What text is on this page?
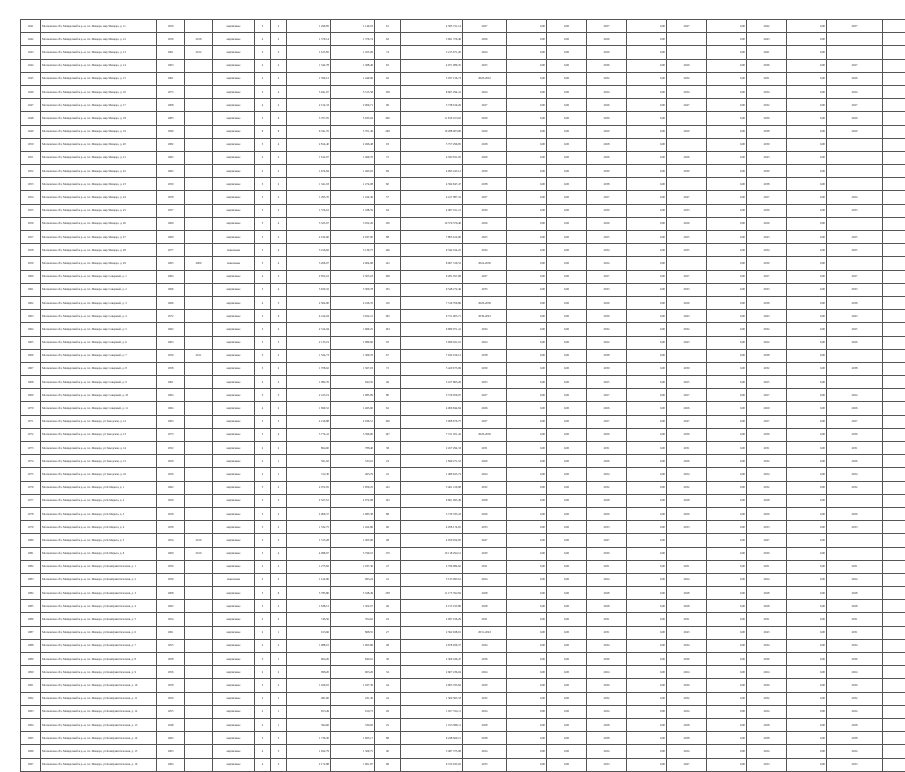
1941	Московская обл, Мещерский м.р.-н, г.п. Мещера, мкр Мещера, д. 11	1959		кирпичные	3	2	1 299,85	1 149,18	61	4 585 721,14	2027	0,00	0,00	2027	0,00	2047	0,00	2042	0,00	2027	
1942	Московская обл, Мещерский м.р.-н, г.п. Мещера, мкр Мещера, д. 12	1959	2018	кирпичные	4	2	1 579,14	1 376,74	62	5 061 379,46	2026	0,00	0,00	2026	0,00		0,00	2043	0,00		
1943	Московская обл, Мещерский м.р.-н, г.п. Мещера, мкр Мещера, д. 13	1961	2012	кирпичные	3	2	1 613,85	1 455,06	74	5 213 671,20	2024	0,00	0,00	2026	0,00		0,00	2041	0,00		
1944	Московская обл, Мещерский м.р.-н, г.п. Мещера, мкр Мещера, д. 14	1963		кирпичные	2	2	1 542,78	1 368,46	65	4 971 086,35	2025	0,00	0,00	2036	0,00	2029	0,00	2036	0,00	2027	
1945	Московская обл, Мещерский м.р.-н, г.п. Мещера, мкр Мещера, д. 15	1961		кирпичные	2	2	1 599,12	1 449,06	62	5 037 216,73	2026-2032	0,00	0,00	2032	0,00	2034	0,00	2031	0,00	2026	
1946	Московская обл, Мещерский м.р.-н, г.п. Мещера, мкр Мещера, д. 16	1975		кирпичные	5	4	3 941,07	3 515,58	138	8 667 294,41	2024	0,00	0,00	2024	0,00	2034	0,00	2034	0,00	2024	
1947	Московская обл, Мещерский м.р.-н, г.п. Мещера, мкр Мещера, д. 17	1968		кирпичные	4	2	2 154,33	2 009,71	90	5 738 019,26	2027	0,00	0,00	2026	0,00	2047	0,00	2032	0,00	2027	
1948	Московская обл, Мещерский м.р.-н, г.п. Мещера, мкр Мещера, д. 18	1983		кирпичные	5	6	5 707,05	5 035,04	206	11 810 103,02	2029	0,00	0,00	2039	0,00		0,00	2039	0,00	2029	
1949	Московская обл, Мещерский м.р.-н, г.п. Мещера, мкр Мещера, д. 19	1990		кирпичные	9	6	6 341,70	5 701,49	248	16 288 903,06	2029	0,00	0,00	2029	0,00	2029	0,00	2038	0,00	2029	
1950	Московская обл, Мещерский м.р.-н, г.п. Мещера, мкр Мещера, д. 20	1982		кирпичные	5	4	2 814,40	2 496,48	93	5 757 296,85	2028	0,00	0,00	2028	0,00		0,00	2039	0,00		
1951	Московская обл, Мещерский м.р.-н, г.п. Мещера, мкр Мещера, д. 21	1962		кирпичные	2	2	1 612,07	1 469,76	72	4 932 811,95	2026	0,00	0,00	2026	0,00	2026	0,00	2043	0,00		
1952	Московская обл, Мещерский м.р.-н, г.п. Мещера, мкр Мещера, д. 22	1962		кирпичные	2	2	1 674,84	1 493,02	69	4 995 245,12	2030	0,00	0,00	2030	0,00	2030	0,00	2030	0,00		
1953	Московская обл, Мещерский м.р.-н, г.п. Мещера, мкр Мещера, д. 23	1959		кирпичные	3	2	1 341,93	1 274,08	60	4 594 847,47	2038	0,00	0,00	2038	0,00		0,00	2038	0,00		
1954	Московская обл, Мещерский м.р.-н, г.п. Мещера, мкр Мещера, д. 24	1958		кирпичные	3	2	1 293,70	1 224,36	57	4 417 087,32	2027	0,00	0,00	2027	0,00	2047	0,00	2027	0,00	2024	
1955	Московская обл, Мещерский м.р.-н, г.п. Мещера, мкр Мещера, д. 25	1957		кирпичные	3	2	1 576,16	1 438,59	64	4 967 011,21	2030	0,00	0,00	2030	0,00	2033	0,00	2036	0,00	2033	
1956	Московская обл, Мещерский м.р.-н, г.п. Мещера, мкр Мещера, д. 26	1969		кирпичные	5	4	3 325,07	3 052,26	136	10 576 376,46	2026	0,00	0,00	2026	0,00	2026	0,00	2026	0,00		
1957	Московская обл, Мещерский м.р.-н, г.п. Мещера, мкр Мещера, д. 27	1960		кирпичные	3	2	2 192,60	2 037,00	88	7 863 612,90	2025	0,00	0,00	2025	0,00	2025	0,00	2043	0,00	2025	
1958	Московская обл, Мещерский м.р.-н, г.п. Мещера, мкр Мещера, д. 28	1977		панельные	5	4	3 416,82	3 139,75	146	9 342 164,25	2034	0,00	0,00	2034	0,00	2035	0,00	2034	0,00	2025	
1959	Московская обл, Мещерский м.р.-н, г.п. Мещера, мкр Мещера, д. 29	1965	2009	панельные	5	4	3 206,07	2 904,68	122	8 967 319,52	2024-2030	0,00	0,00	2024	0,00		0,00	2030	0,00		
1960	Московская обл, Мещерский м.р.-н, г.п. Мещера, мкр Северный, д. 1	1964		кирпичные	4	3	2 852,16	2 503,18	108	9 281 057,08	2027	0,00	0,00	2027	0,00	2027	0,00	2027	0,00	2027	
1961	Московская обл, Мещерский м.р.-н, г.п. Мещера, мкр Северный, д. 2	1966		кирпичные	5	4	3 650,32	3 300,78	135	9 548 272,46	2033	0,00	0,00	2033	0,00	2033	0,00	2033	0,00	2033	
1962	Московская обл, Мещерский м.р.-н, г.п. Мещера, мкр Северный, д. 3	1966		кирпичные	4	3	2 504,00	2 226,76	110	7 519 709,86	2026-2038	0,00	0,00	2026	0,00	2026	0,00	2038	0,00	2038	
1963	Московская обл, Мещерский м.р.-н, г.п. Мещера, мкр Северный, д. 4	1972		кирпичные	5	6	4 414,04	3 922,21	165	9 751 903,71	2039-2043	0,00	0,00	2039	0,00	2043	0,00	2043	0,00	2043	
1964	Московская обл, Мещерский м.р.-н, г.п. Мещера, мкр Северный, д. 5	1962		кирпичные	3	2	2 314,94	1 960,25	103	6 680 971,41	2034	0,00	0,00	2034	0,00	2034	0,00	2034	0,00	2025	
1965	Московская обл, Мещерский м.р.-н, г.п. Мещера, мкр Северный, д. 6	1963		кирпичные	3	3	2 133,19	1 989,60	95	5 990 021,10	2024	0,00	0,00	2024	0,00	2043	0,00	2024	0,00	2026	
1966	Московская обл, Мещерский м.р.-н, г.п. Мещера, мкр Северный, д. 7	1959	2011	кирпичные	3	2	1 524,73	1 369,76	67	7 932 016,12	2038	0,00	0,00	2038	0,00		0,00	2038	0,00		
1967	Московская обл, Мещерский м.р.-н, г.п. Мещера, мкр Северный, д. 8	1958		кирпичные	3	2	1 708,62	1 567,03	72	5 420 673,99	2030	0,00	0,00	2030	0,00	2030	0,00	2032	0,00	2038	
1968	Московская обл, Мещерский м.р.-н, г.п. Мещера, мкр Северный, д. 9	1961		кирпичные	2	2	1 082,70	942,50	46	3 167 863,26	2025	0,00	0,00	2025	0,00	2025	0,00	2025	0,00		
1969	Московская обл, Мещерский м.р.-н, г.п. Мещера, мкр Северный, д. 10	1964		кирпичные	3	3	2 413,19	1 983,99	80	5 726 056,97	2027	0,00	0,00	2027	0,00	2027	0,00	2027	0,00	2024	
1970	Московская обл, Мещерский м.р.-н, г.п. Мещера, мкр Северный, д. 11	1964		кирпичные	4	2	1 699,52	1 463,60	62	4 006 844,84	2026	0,00	0,00	2026	0,00	2026	0,00	2029	0,00	2026	
1971	Московская обл, Мещерский м.р.-н, г.п. Мещера, ул Заводская, д. 12	1963		кирпичные	3	3	2 219,88	2 036,51	100	5 008 676,75	2027	0,00	0,00	2027	0,00	2047	0,00	2027	0,00	2027	
1972	Московская обл, Мещерский м.р.-н, г.п. Мещера, ул Заводская, д. 13	1973		кирпичные	5	4	3 774,41	3 396,00	167	7 721 051,42	2026-2036	0,00	0,00	2026	0,00	2036	0,00	2036	0,00	2036	
1973	Московская обл, Мещерский м.р.-н, г.п. Мещера, ул Заводская, д. 14	1952		кирпичные	2	2	864,60	788,40	38	2 457 294,33	2031	0,00	0,00	2031	0,00	2031	0,00	2031	0,00	2031	
1974	Московская обл, Мещерский м.р.-н, г.п. Мещера, ул Заводская, д. 15	1950		кирпичные	2	1	591,92	533,16	23	1 849 271,52	2026	0,00	0,00	2026	0,00	2026	0,00	2032	0,00	2026	
1975	Московская обл, Мещерский м.р.-н, г.п. Мещера, ул Заводская, д. 16	1956		кирпичные	2	1	512,30	463,79	22	1 489 625,74	2024	0,00	0,00	2024	0,00	2024	0,00	2024	0,00	2024	
1976	Московская обл, Мещерский м.р.-н, г.п. Мещера, ул К.Маркса, д. 1	1962		кирпичные	3	2	2 072,05	1 859,25	122	5 461 210,08	2032	0,00	0,00	2032	0,00	2032	0,00	2032	0,00	2032	
1977	Московская обл, Мещерский м.р.-н, г.п. Мещера, ул К.Маркса, д. 2	1959		кирпичные	3	3	2 327,61	2 072,08	122	6 661 093,49	2028	0,00	0,00	2028	0,00	2028	0,00	2028	0,00		
1978	Московская обл, Мещерский м.р.-н, г.п. Мещера, ул К.Маркса, д. 3	1958		кирпичные	3	2	2 006,57	1 983,38	88	5 730 333,43	2026	0,00	0,00	2026	0,00	2026	0,00	2026	0,00	2026	
1979	Московская обл, Мещерский м.р.-н, г.п. Мещера, ул К.Маркса, д. 4	1958		кирпичные	3	2	1 532,75	1 422,86	66	4 058 174,65	2033	0,00	0,00	2033	0,00	2033	0,00	2033	0,00	2033	
1980	Московская обл, Мещерский м.р.-н, г.п. Мещера, ул К.Маркса, д. 5	1954	2019	кирпичные	3	2	1 513,28	1 405,96	48	4 059 054,85	2047	0,00	0,00	2047	0,00		0,00	2047	0,00		
1981	Московская обл, Мещерский м.р.-н, г.п. Мещера, ул К.Маркса, д. 6	1960	2010	кирпичные	5	4	4 068,97	3 799,10	170	10 118 294,51	2030	0,00	0,00	2030	0,00		0,00	2030	0,00		
1982	Московская обл, Мещерский м.р.-н, г.п. Мещера, ул Коммунистическая, д. 1	1956		кирпичные	2	2	1 275,82	1 037,36	47	2 796 084,62	2031	0,00	0,00	2031	0,00	2031	0,00	2031	0,00	2031	
1983	Московская обл, Мещерский м.р.-н, г.п. Мещера, ул Коммунистическая, д. 2	1959		панельные	2	2	1 124,90	993,24	41	3 133 093,61	2024	0,00	0,00	2024	0,00	2024	0,00	2024	0,00	2024	
1984	Московская обл, Мещерский м.р.-н, г.п. Мещера, ул Коммунистическая, д. 3	1968		кирпичные	5	6	5 783,80	5 328,49	258	11 175 592,84	2028	0,00	0,00	2028	0,00	2028	0,00	2028	0,00	2028	
1985	Московская обл, Мещерский м.р.-н, г.п. Мещера, ул Коммунистическая, д. 4	1962		кирпичные	3	2	1 638,12	1 502,07	46	4 155 193,86	2028	0,00	0,00	2028	0,00	2028	0,00	2028	0,00	2028	
1986	Московская обл, Мещерский м.р.-н, г.п. Мещера, ул Коммунистическая, д. 5	1954		кирпичные	2	2	746,50	704,62	24	2 097 016,29	2031	0,00	0,00	2031	0,00	2031	0,00	2031	0,00	2031	
1987	Московская обл, Мещерский м.р.-н, г.п. Мещера, ул Коммунистическая, д. 6	1961		кирпичные	2	1	913,66	868,55	27	2 562 928,91	2031-2043	0,00	0,00	2031	0,00	2043	0,00	2043	0,00	2031	
1988	Московская обл, Мещерский м.р.-н, г.п. Мещера, ул Коммунистическая, д. 7	1955		кирпичные	2	2	1 088,01	1 003,86	48	2 678 026,37	2034	0,00	0,00	2034	0,00	2034	0,00	2034	0,00	2034	
1989	Московская обл, Мещерский м.р.-н, г.п. Мещера, ул Коммунистическая, д. 8	1958		кирпичные	3	1	904,20	840,10	36	2 309 436,47	2036	0,00	0,00	2036	0,00	2036	0,00	2036	0,00	2036	
1990	Московская обл, Мещерский м.р.-н, г.п. Мещера, ул Коммунистическая, д. 9	1956		кирпичные	2	2	998,20	903,26	32	2 607 236,04	2024	0,00	0,00	2024	0,00	2024	0,00	2024	0,00	2024	
1991	Московская обл, Мещерский м.р.-н, г.п. Мещера, ул Коммунистическая, д. 10	1958		кирпичные	3	2	1 029,81	1 037,39	44	2 903 765,82	2030	0,00	0,00	2030	0,00	2030	0,00	2030	0,00	2030	
1992	Московская обл, Мещерский м.р.-н, г.п. Мещера, ул Коммунистическая, д. 11	1950		кирпичные	2	1	481,60	431,30	24	1 560 365,33	2032	0,00	0,00	2032	0,00	2032	0,00	2032	0,00	2032	
1993	Московская обл, Мещерский м.р.-н, г.п. Мещера, ул Коммунистическая, д. 12	1955		кирпичные	2	1	653,49	610,73	26	1 657 554,11	2024	0,00	0,00	2024	0,00	2024	0,00	2024	0,00	2024	
1994	Московская обл, Мещерский м.р.-н, г.п. Мещера, ул Коммунистическая, д. 13	1948		кирпичные	2	1	394,66	330,92	25	1 015 068,11	2028	0,00	0,00	2028	0,00	2028	0,00	2028	0,00	2028	
1995	Московская обл, Мещерский м.р.-н, г.п. Мещера, ул Коммунистическая, д. 14	1962		кирпичные	3	3	1 736,30	1 603,17	88	6 248 660,15	2038	0,00	0,00	2038	0,00	2038	0,00	2038	0,00	2038	
1996	Московская обл, Мещерский м.р.-н, г.п. Мещера, ул Коммунистическая, д. 15	1963		кирпичные	4	3	1 622,79	1 569,75	40	5 487 373,08	2024	0,00	0,00	2024	0,00	2024	0,00	2024	0,00	2024	
1997	Московская обл, Мещерский м.р.-н, г.п. Мещера, ул Коммунистическая, д. 16	1964		кирпичные	4	3	2 172,88	1 961,87	68	6 722 635,02	2033	0,00	0,00	2033	0,00	2047	0,00	2033	0,00	2033	
